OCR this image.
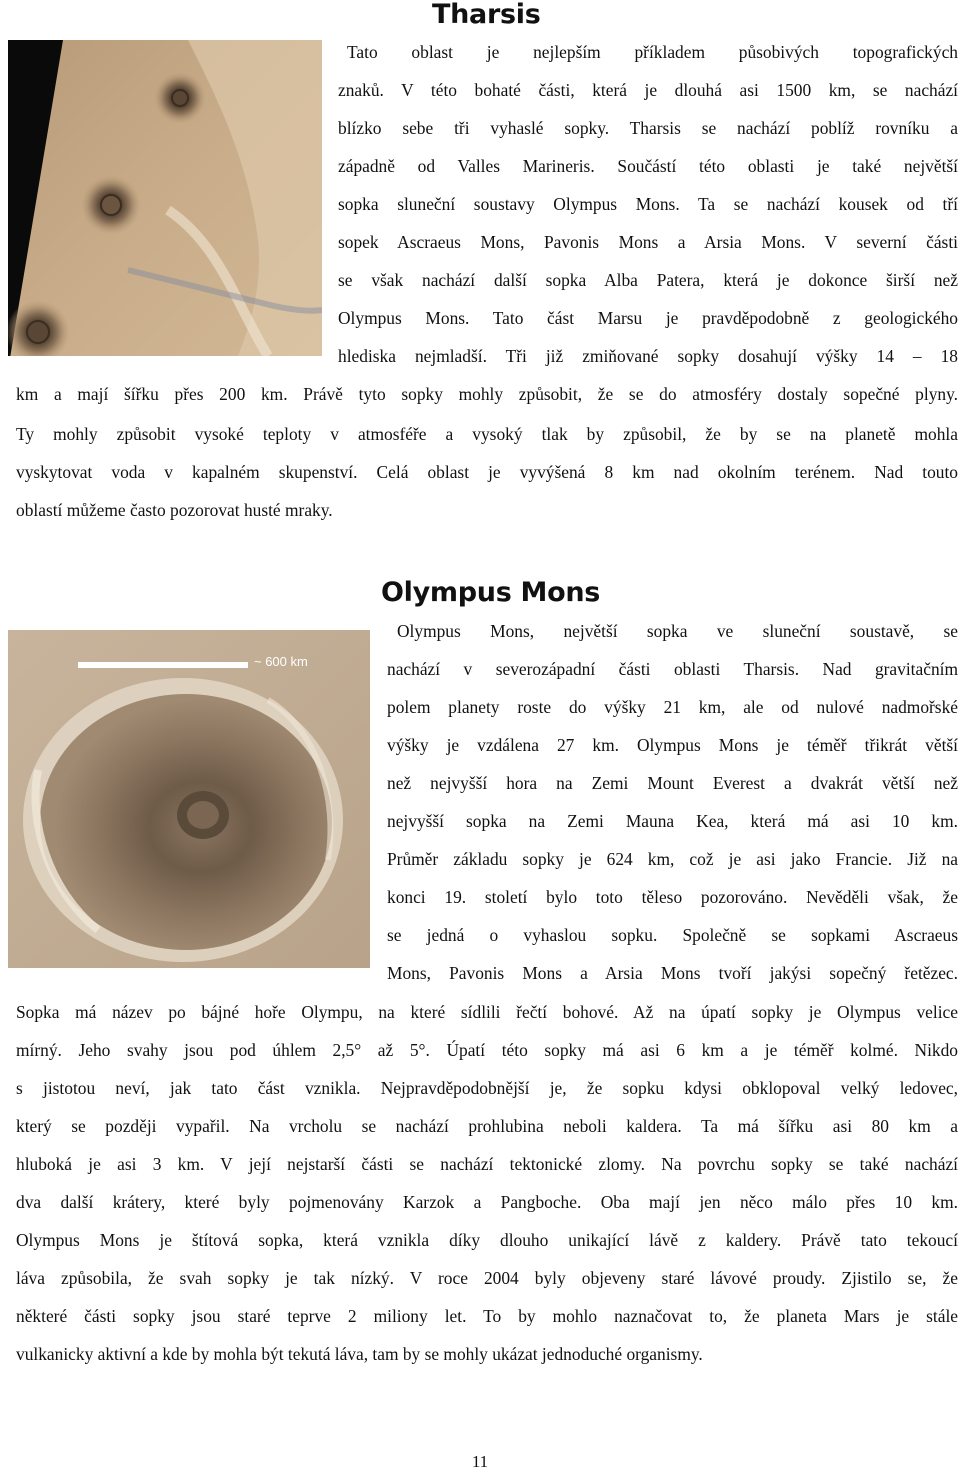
Tharsis

Tato oblast je nejlepším příkladem působivých topografických

znaků. V této bohaté části, která je dlouhá asi 1500 km, se nachází

blízko sebe tři vyhaslé sopky. Tharsis se nachází poblíž rovníku a

západně od Valles Marineris. Součástí této oblasti je také největší

sopka sluneční soustavy Olympus Mons. Ta se nachází kousek od tří

sopek Ascraeus Mons, Pavonis Mons a Arsia Mons. V severní části

se však nachází další sopka Alba Patera, která je dokonce širší než

Olympus Mons. Tato část Marsu je pravděpodobně z geologického

hlediska nejmladší. Tři již zmiňované sopky dosahují výšky 14 – 18

km a mají šířku přes 200 km. Právě tyto sopky mohly způsobit, že se do atmosféry dostaly sopečné plyny.

Ty mohly způsobit vysoké teploty v atmosféře a vysoký tlak by způsobil, že by se na planetě mohla

vyskytovat voda v kapalném skupenství. Celá oblast je vyvýšená 8 km nad okolním terénem. Nad touto

oblastí můžeme často pozorovat husté mraky.

Olympus Mons
~ 600 km

Olympus Mons, největší sopka ve sluneční soustavě, se

nachází v severozápadní části oblasti Tharsis. Nad gravitačním

polem planety roste do výšky 21 km, ale od nulové nadmořské

výšky je vzdálena 27 km. Olympus Mons je téměř třikrát větší

než nejvyšší hora na Zemi Mount Everest a dvakrát větší než

nejvyšší sopka na Zemi Mauna Kea, která má asi 10 km.

Průměr základu sopky je 624 km, což je asi jako Francie. Již na

konci 19. století bylo toto těleso pozorováno. Nevěděli však, že

se jedná o vyhaslou sopku. Společně se sopkami Ascraeus

Mons, Pavonis Mons a Arsia Mons tvoří jakýsi sopečný řetězec.

Sopka má název po bájné hoře Olympu, na které sídlili řečtí bohové. Až na úpatí sopky je Olympus velice

mírný. Jeho svahy jsou pod úhlem 2,5° až 5°. Úpatí této sopky má asi 6 km a je téměř kolmé. Nikdo

s jistotou neví, jak tato část vznikla. Nejpravděpodobnější je, že sopku kdysi obklopoval velký ledovec,

který se později vypařil. Na vrcholu se nachází prohlubina neboli kaldera. Ta má šířku asi 80 km a

hluboká je asi 3 km. V její nejstarší části se nachází tektonické zlomy. Na povrchu sopky se také nachází

dva další krátery, které byly pojmenovány Karzok a Pangboche. Oba mají jen něco málo přes 10 km.

Olympus Mons je štítová sopka, která vznikla díky dlouho unikající lávě z kaldery. Právě tato tekoucí

láva způsobila, že svah sopky je tak nízký. V roce 2004 byly objeveny staré lávové proudy. Zjistilo se, že

některé části sopky jsou staré teprve 2 miliony let. To by mohlo naznačovat to, že planeta Mars je stále

vulkanicky aktivní a kde by mohla být tekutá láva, tam by se mohly ukázat jednoduché organismy.

11
